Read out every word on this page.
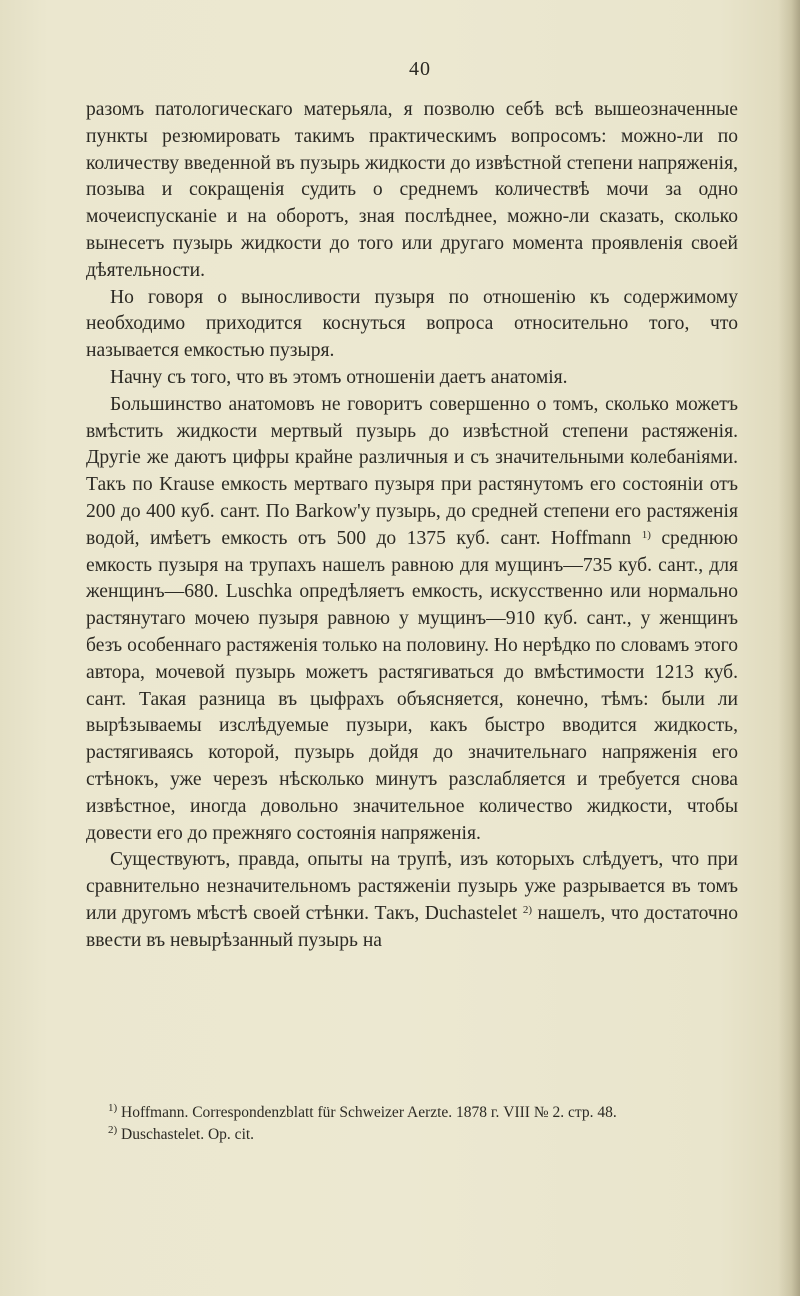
40

разомъ патологическаго матерьяла, я позволю себѣ всѣ вышеозначенные пункты резюмировать такимъ практическимъ вопросомъ: можно-ли по количеству введенной въ пузырь жидкости до извѣстной степени напряженія, позыва и сокращенія судить о среднемъ количествѣ мочи за одно мочеиспусканіе и на оборотъ, зная послѣднее, можно-ли сказать, сколько вынесетъ пузырь жидкости до того или другаго момента проявленія своей дѣятельности.

Но говоря о выносливости пузыря по отношенію къ содержимому необходимо приходится коснуться вопроса относительно того, что называется емкостью пузыря.

Начну съ того, что въ этомъ отношеніи даетъ анатомія.

Большинство анатомовъ не говоритъ совершенно о томъ, сколько можетъ вмѣстить жидкости мертвый пузырь до извѣстной степени растяженія. Другіе же даютъ цифры крайне различныя и съ значительными колебаніями. Такъ по Krause емкость мертваго пузыря при растянутомъ его состояніи отъ 200 до 400 куб. сант. По Barkow'у пузырь, до средней степени его растяженія водой, имѣетъ емкость отъ 500 до 1375 куб. сант. Hoffmann $^{1)}$ среднюю емкость пузыря на трупахъ нашелъ равною для мущинъ—735 куб. сант., для женщинъ—680. Luschka опредѣляетъ емкость, искусственно или нормально растянутаго мочею пузыря равною у мущинъ—910 куб. сант., у женщинъ безъ особеннаго растяженія только на половину. Но нерѣдко по словамъ этого автора, мочевой пузырь можетъ растягиваться до вмѣстимости 1213 куб. сант. Такая разница въ цыфрахъ объясняется, конечно, тѣмъ: были ли вырѣзываемы изслѣдуемые пузыри, какъ быстро вводится жидкость, растягиваясь которой, пузырь дойдя до значительнаго напряженія его стѣнокъ, уже черезъ нѣсколько минутъ разслабляется и требуется снова извѣстное, иногда довольно значительное количество жидкости, чтобы довести его до прежняго состоянія напряженія.

Существуютъ, правда, опыты на трупѣ, изъ которыхъ слѣдуетъ, что при сравнительно незначительномъ растяженіи пузырь уже разрывается въ томъ или другомъ мѣстѣ своей стѣнки. Такъ, Duchastelet $^{2)}$ нашелъ, что достаточно ввести въ невырѣзанный пузырь на

$^{1)}$ Hoffmann. Correspondenzblatt für Schweizer Aerzte. 1878 г. VIII № 2. стр. 48.

$^{2)}$ Duschastelet. Op. cit.
